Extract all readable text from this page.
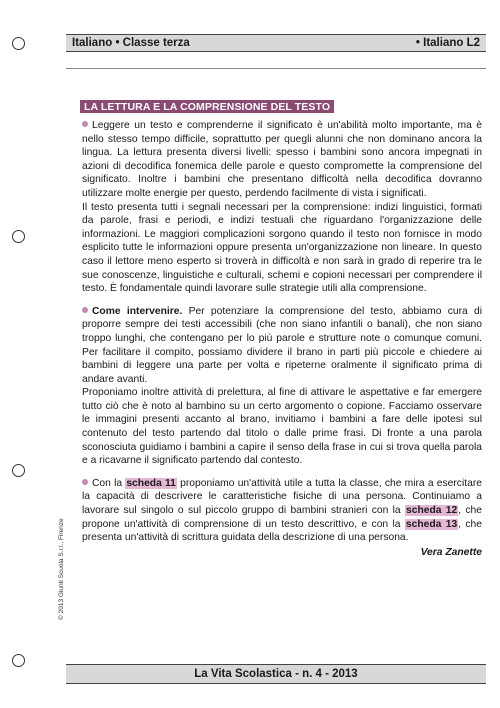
Italiano • Classe terza	• Italiano L2
© 2013 Giunti Scuola S.r.l., Firenze
LA LETTURA E LA COMPRENSIONE DEL TESTO

Leggere un testo e comprenderne il significato è un'abilità molto importante, ma è nello stesso tempo difficile, soprattutto per quegli alunni che non dominano ancora la lingua. La lettura presenta diversi livelli: spesso i bambini sono ancora impegnati in azioni di decodifica fonemica delle parole e questo compromette la comprensione del significato. Inoltre i bambini che presentano difficoltà nella decodifica dovranno utilizzare molte energie per questo, perdendo facilmente di vista i significati.

Il testo presenta tutti i segnali necessari per la comprensione: indizi linguistici, formati da parole, frasi e periodi, e indizi testuali che riguardano l'organizzazione delle informazioni. Le maggiori complicazioni sorgono quando il testo non fornisce in modo esplicito tutte le informazioni oppure presenta un'organizzazione non lineare. In questo caso il lettore meno esperto si troverà in difficoltà e non sarà in grado di reperire tra le sue conoscenze, linguistiche e culturali, schemi e copioni necessari per comprendere il testo. È fondamentale quindi lavorare sulle strategie utili alla comprensione.

Come intervenire. Per potenziare la comprensione del testo, abbiamo cura di proporre sempre dei testi accessibili (che non siano infantili o banali), che non siano troppo lunghi, che contengano per lo più parole e strutture note o comunque comuni. Per facilitare il compito, possiamo dividere il brano in parti più piccole e chiedere ai bambini di leggere una parte per volta e ripeterne oralmente il significato prima di andare avanti.

Proponiamo inoltre attività di prelettura, al fine di attivare le aspettative e far emergere tutto ciò che è noto al bambino su un certo argomento o copione. Facciamo osservare le immagini presenti accanto al brano, invitiamo i bambini a fare delle ipotesi sul contenuto del testo partendo dal titolo o dalle prime frasi. Di fronte a una parola sconosciuta guidiamo i bambini a capire il senso della frase in cui si trova quella parola e a ricavarne il significato partendo dal contesto.

Con la scheda 11 proponiamo un'attività utile a tutta la classe, che mira a esercitare la capacità di descrivere le caratteristiche fisiche di una persona. Continuiamo a lavorare sul singolo o sul piccolo gruppo di bambini stranieri con la scheda 12, che propone un'attività di comprensione di un testo descrittivo, e con la scheda 13, che presenta un'attività di scrittura guidata della descrizione di una persona.

Vera Zanette
La Vita Scolastica - n. 4 - 2013
